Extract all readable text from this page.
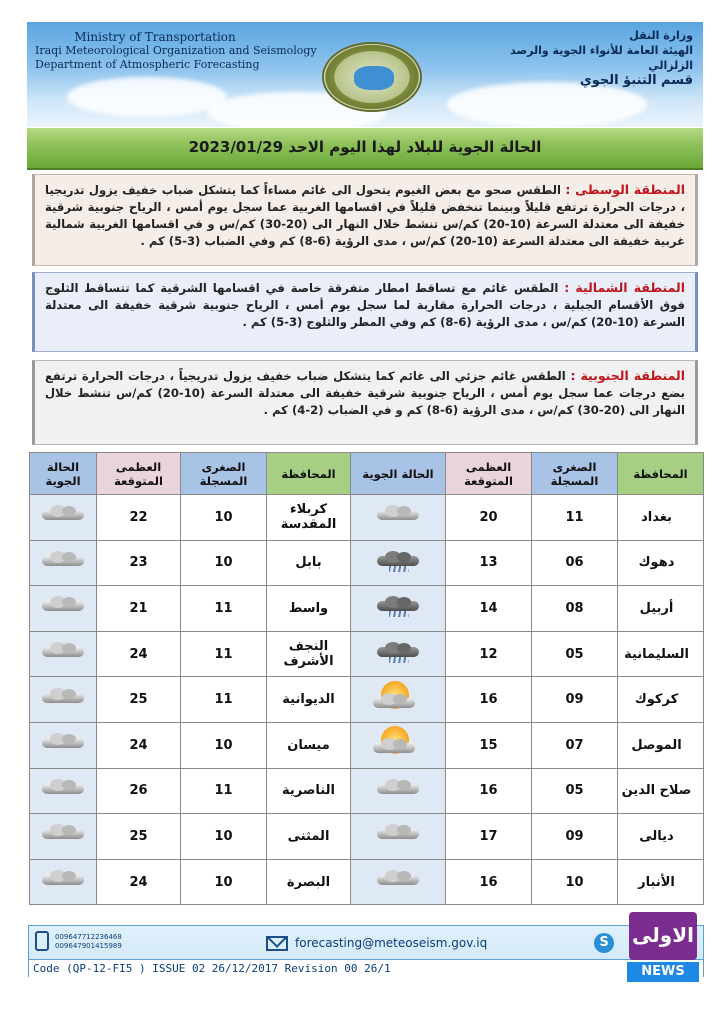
Ministry of Transportation
Iraqi Meteorological Organization and Seismology
Department of Atmospheric Forecasting
وزارة النقل
الهيئة العامة للأنواء الجوية والرصد الزلزالي
قسم التنبؤ الجوي
الحالة الجوية للبلاد لهذا اليوم الاحد 2023/01/29
المنطقة الوسطى : الطقس صحو مع بعض الغيوم يتحول الى غائم مساءاً كما يتشكل ضباب خفيف يزول تدريجيا ، درجات الحرارة ترتفع قليلاً وبينما تنخفض قليلاً في اقسامها الغربية عما سجل يوم أمس ، الرياح جنوبية شرقية خفيفة الى معتدلة السرعة (10-20) كم/س تنشط خلال النهار الى (20-30) كم/س و في اقسامها الغربية شمالية غربية خفيفة الى معتدلة السرعة (10-20) كم/س ، مدى الرؤية (6-8) كم وفي الضباب (3-5) كم .
المنطقة الشمالية : الطقس غائم مع تساقط امطار متفرقة خاصة في اقسامها الشرقية كما تتساقط الثلوج فوق الأقسام الجبلية ، درجات الحرارة مقاربة لما سجل يوم أمس ، الرياح جنوبية شرقية خفيفة الى معتدلة السرعة (10-20) كم/س ، مدى الرؤية (6-8) كم وفي المطر والثلوج (3-5) كم .
المنطقة الجنوبية : الطقس غائم جزئي الى غائم كما يتشكل ضباب خفيف يزول تدريجياً ، درجات الحرارة ترتفع بضع درجات عما سجل يوم أمس ، الرياح جنوبية شرقية خفيفة الى معتدلة السرعة (10-20) كم/س تنشط خلال النهار الى (20-30) كم/س ، مدى الرؤية (6-8) كم و في الضباب (2-4) كم .
المحافظة	الصغرى المسجلة	العظمى المتوقعة	الحالة الجوية	المحافظة	الصغرى المسجلة	العظمى المتوقعة	الحالة الجوية
بغداد	11	20		كربلاء المقدسة	10	22	

دهوك	06	13		بابل	10	23	

أربيل	08	14		واسط	11	21	

السليمانية	05	12		النجف الأشرف	11	24	

كركوك	09	16		الديوانية	11	25	

الموصل	07	15		ميسان	10	24	

صلاح الدين	05	16		الناصرية	11	26	

ديالى	09	17		المثنى	10	25	

الأنبار	10	16		البصرة	10	24	
009647712236468
009647901415989	forecasting@meteoseism.gov.iq	S
Code (QP-12-FI5 ) ISSUE 02 26/12/2017 Revision 00 26/1
الاولى
NEWS
